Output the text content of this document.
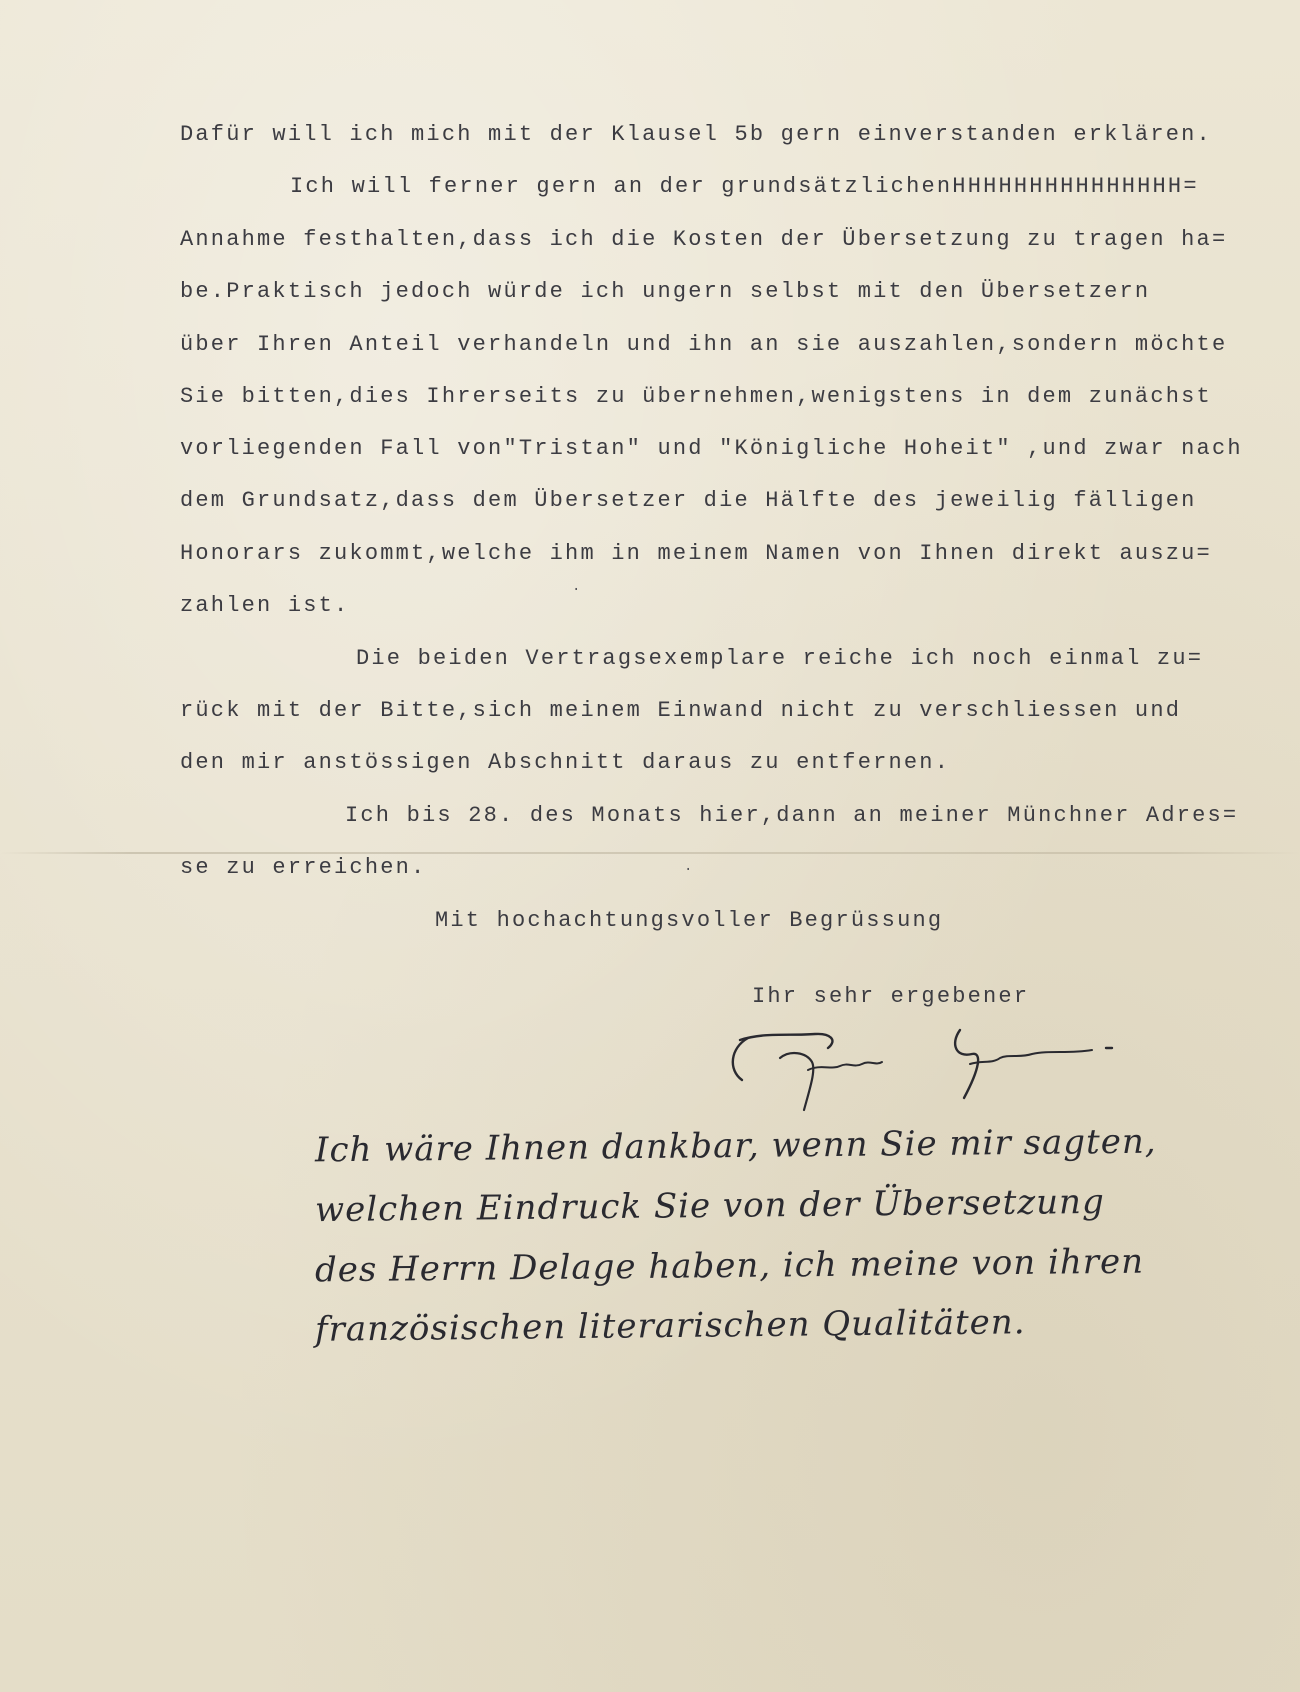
Dafür will ich mich mit der Klausel 5b gern einverstanden erklären.

Ich will ferner gern an der grundsätzlichenHHHHHHHHHHHHHHH=

Annahme festhalten,dass ich die Kosten der Übersetzung zu tragen ha=

be.Praktisch jedoch würde ich ungern selbst mit den Übersetzern

über Ihren Anteil verhandeln und ihn an sie auszahlen,sondern möchte

Sie bitten,dies Ihrerseits zu übernehmen,wenigstens in dem zunächst

vorliegenden Fall von"Tristan" und "Königliche Hoheit" ,und zwar nach

dem Grundsatz,dass dem Übersetzer die Hälfte des jeweilig fälligen

Honorars zukommt,welche ihm in meinem Namen von Ihnen direkt auszu=

zahlen ist.

Die beiden Vertragsexemplare reiche ich noch einmal zu=

rück mit der Bitte,sich meinem Einwand nicht zu verschliessen und

den mir anstössigen Abschnitt daraus zu entfernen.

Ich bis 28. des Monats hier,dann an meiner Münchner Adres=

se zu erreichen.

Mit hochachtungsvoller Begrüssung

Ihr sehr ergebener

Ich wäre Ihnen dankbar, wenn Sie mir sagten,

welchen Eindruck Sie von der Übersetzung

des Herrn Delage haben, ich meine von ihren

französischen literarischen Qualitäten.

·
·
